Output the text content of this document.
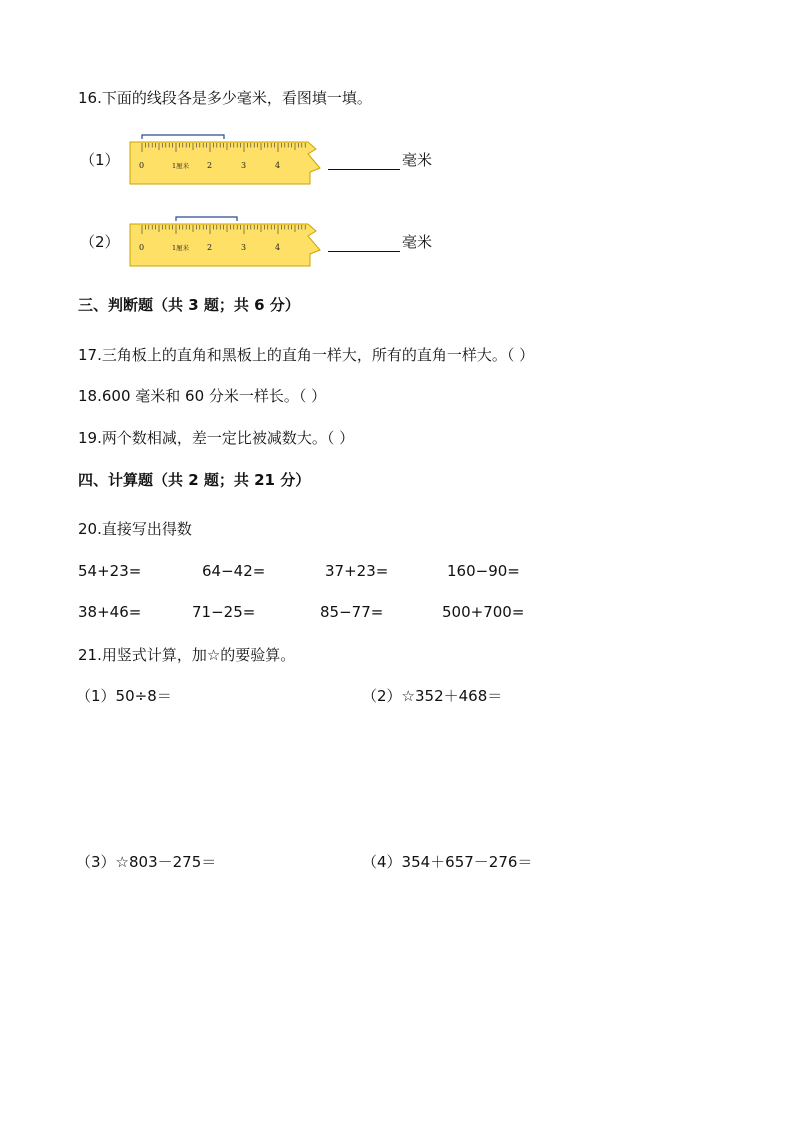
16.下面的线段各是多少毫米，看图填一填。
（1） 0	1厘米 2	3	4	毫米
（2） 0	1厘米 2	3	4	毫米
三、判断题（共 3 题；共 6 分）
17.三角板上的直角和黑板上的直角一样大，所有的直角一样大。（ ）
18.600 毫米和 60 分米一样长。（ ）
19.两个数相减，差一定比被减数大。（ ）
四、计算题（共 2 题；共 21 分）
20.直接写出得数
54+23=	64−42=	37+23=	160−90=
38+46=	71−25=	85−77=	500+700=
21.用竖式计算，加☆的要验算。
（1）50÷8＝	（2）☆352＋468＝
（3）☆803－275＝	（4）354＋657－276＝
